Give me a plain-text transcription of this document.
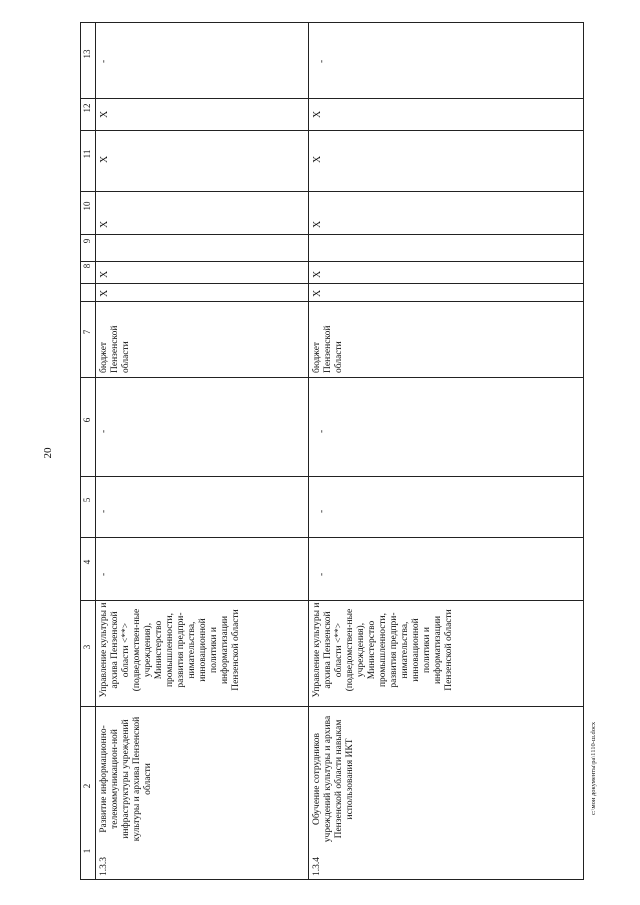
20
c:\мои документы\ра\1110-ш.docx
13
12
11
10
9
8
7
6
5
4
3
2
1
1.3.3
Развитие информационно-телекоммуникацион-ной инфраструктуры учреждений культуры и архива Пензенской области
Управление культуры и архива Пензенской области <**> (подведомствен-ные учреждения), Министерство промышленности, развития предпри-нимательства, инновационной политики и информатизации Пензенской области
-
-
-
бюджет Пензенской области
X
X
X
X
X
-
1.3.4
Обучение сотрудников учреждений культуры и архива Пензенской области навыкам использования ИКТ
Управление культуры и архива Пензенской области <**> (подведомствен-ные учреждения), Министерство промышленности, развития предпри-нимательства, инновационной политики и информатизации Пензенской области
-
-
-
бюджет Пензенской области
X
X
X
X
X
-
